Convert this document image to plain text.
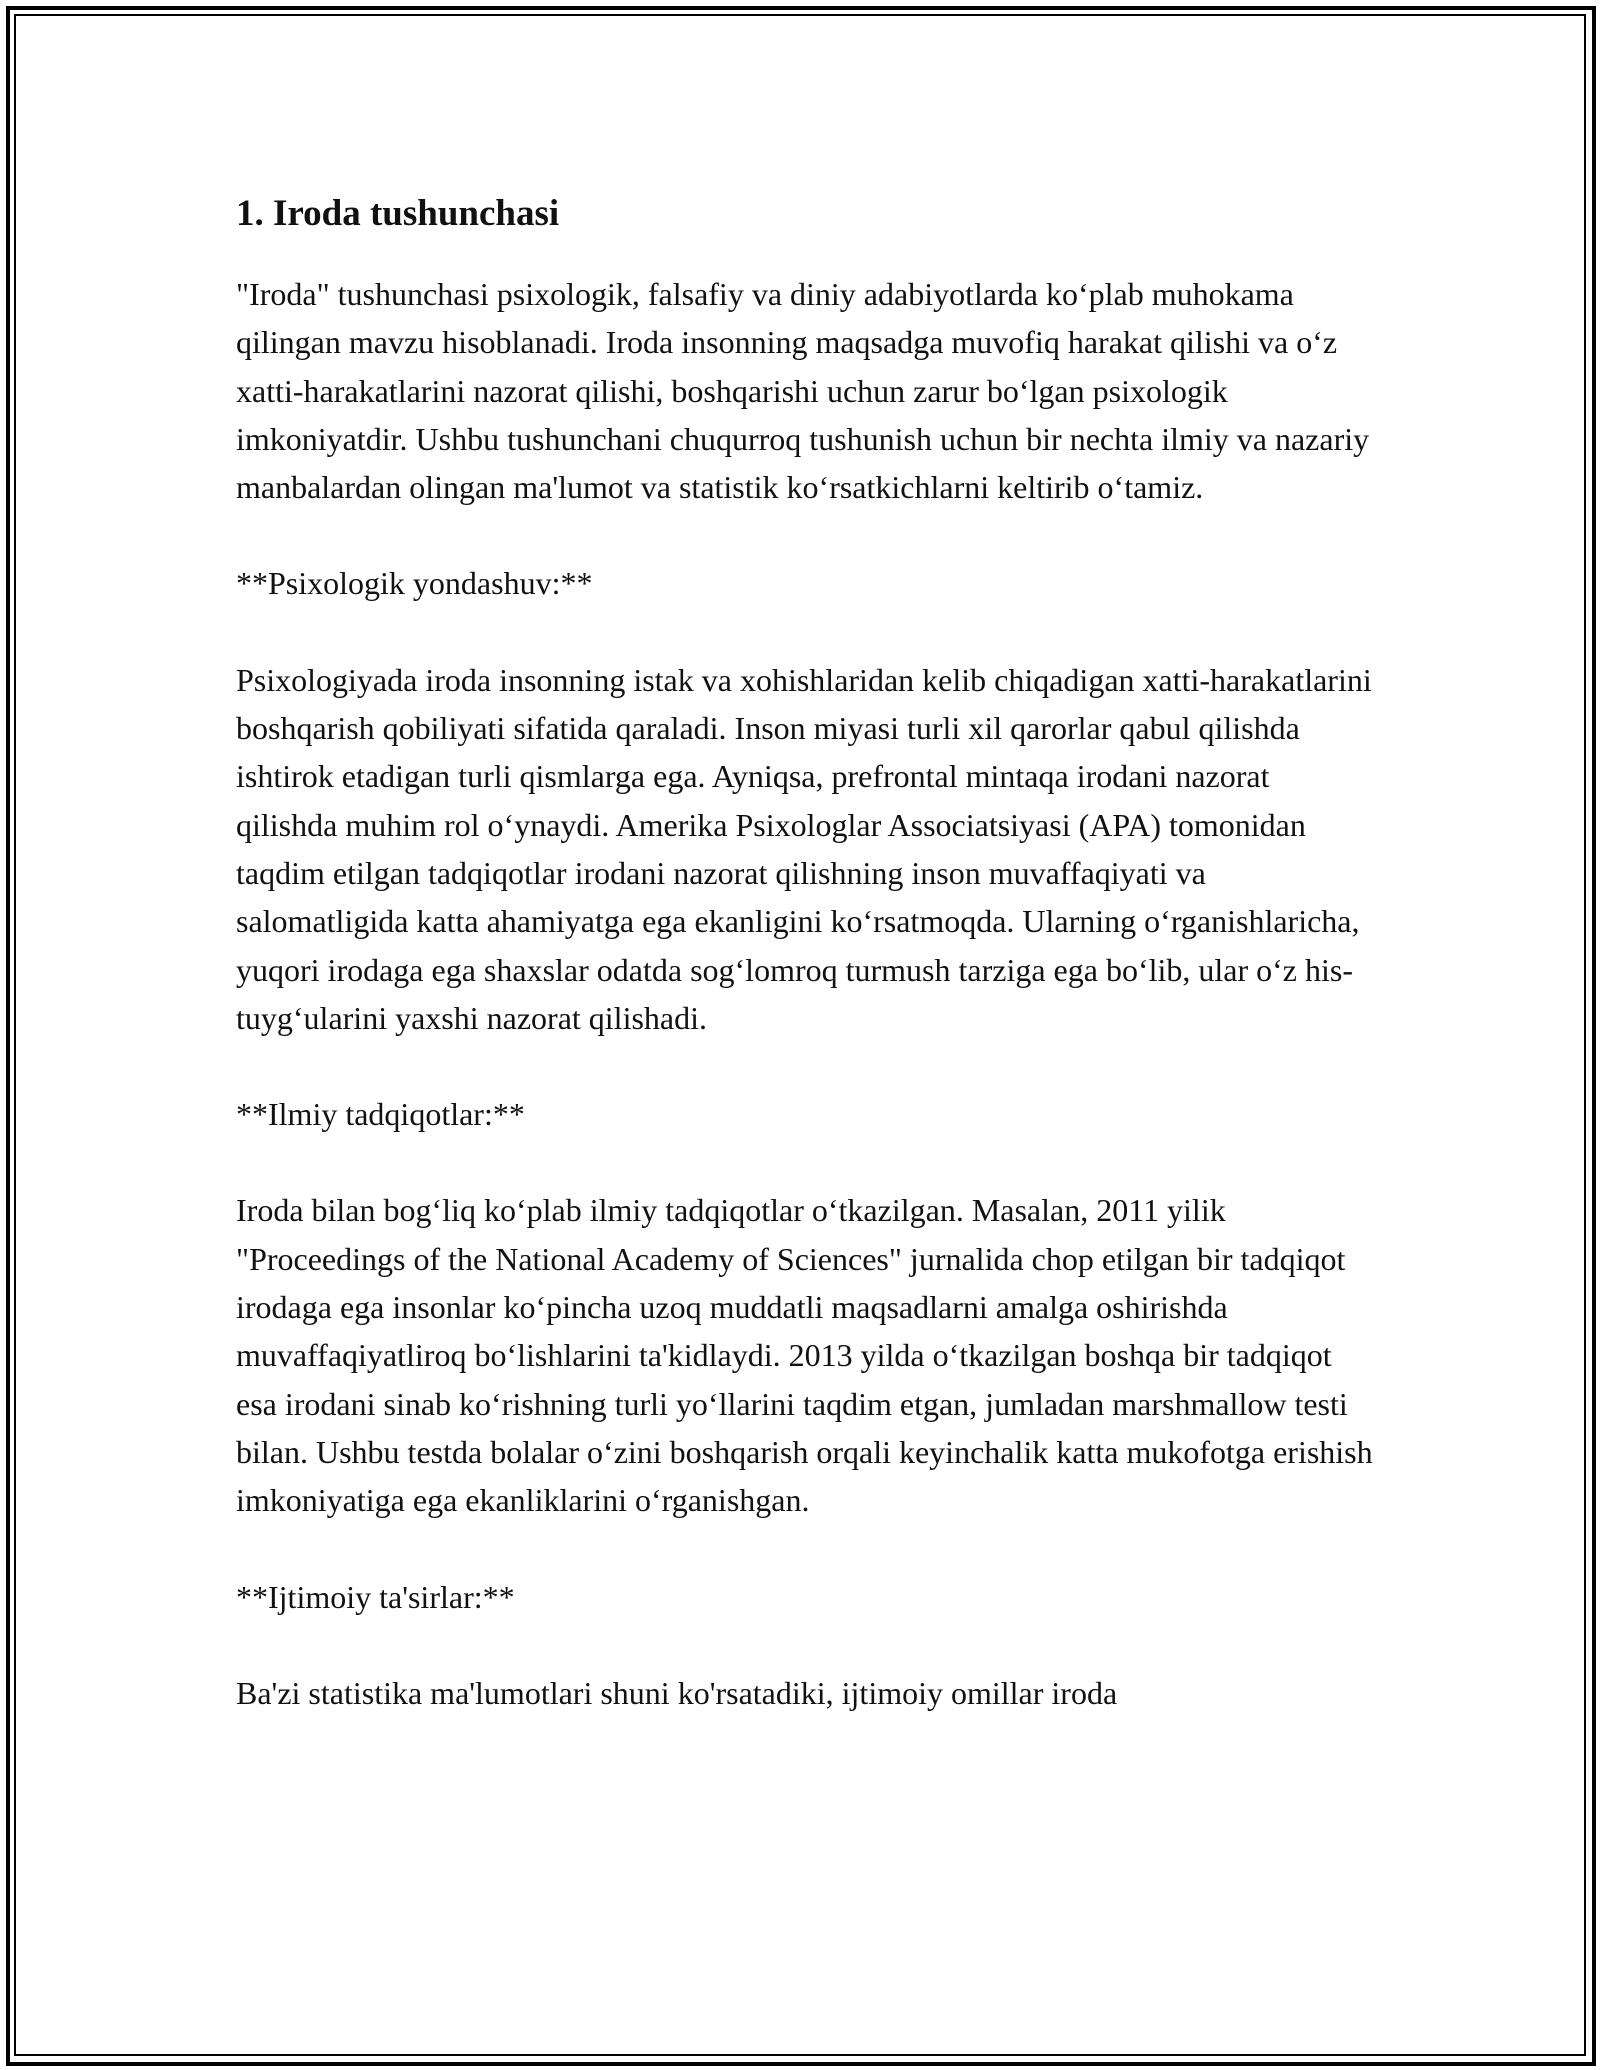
1. Iroda tushunchasi

"Iroda" tushunchasi psixologik, falsafiy va diniy adabiyotlarda koʻplab muhokama qilingan mavzu hisoblanadi. Iroda insonning maqsadga muvofiq harakat qilishi va oʻz xatti-harakatlarini nazorat qilishi, boshqarishi uchun zarur boʻlgan psixologik imkoniyatdir. Ushbu tushunchani chuqurroq tushunish uchun bir nechta ilmiy va nazariy manbalardan olingan ma'lumot va statistik koʻrsatkichlarni keltirib oʻtamiz.

**Psixologik yondashuv:**

Psixologiyada iroda insonning istak va xohishlaridan kelib chiqadigan xatti-harakatlarini boshqarish qobiliyati sifatida qaraladi. Inson miyasi turli xil qarorlar qabul qilishda ishtirok etadigan turli qismlarga ega. Ayniqsa, prefrontal mintaqa irodani nazorat qilishda muhim rol oʻynaydi. Amerika Psixologlar Associatsiyasi (APA) tomonidan taqdim etilgan tadqiqotlar irodani nazorat qilishning inson muvaffaqiyati va salomatligida katta ahamiyatga ega ekanligini koʻrsatmoqda. Ularning oʻrganishlaricha, yuqori irodaga ega shaxslar odatda sogʻlomroq turmush tarziga ega boʻlib, ular oʻz his-tuygʻularini yaxshi nazorat qilishadi.

**Ilmiy tadqiqotlar:**

Iroda bilan bogʻliq koʻplab ilmiy tadqiqotlar oʻtkazilgan. Masalan, 2011 yilik "Proceedings of the National Academy of Sciences" jurnalida chop etilgan bir tadqiqot irodaga ega insonlar koʻpincha uzoq muddatli maqsadlarni amalga oshirishda muvaffaqiyatliroq boʻlishlarini ta'kidlaydi. 2013 yilda oʻtkazilgan boshqa bir tadqiqot esa irodani sinab koʻrishning turli yoʻllarini taqdim etgan, jumladan marshmallow testi bilan. Ushbu testda bolalar oʻzini boshqarish orqali keyinchalik katta mukofotga erishish imkoniyatiga ega ekanliklarini oʻrganishgan.

**Ijtimoiy ta'sirlar:**

Ba'zi statistika ma'lumotlari shuni ko'rsatadiki, ijtimoiy omillar iroda
